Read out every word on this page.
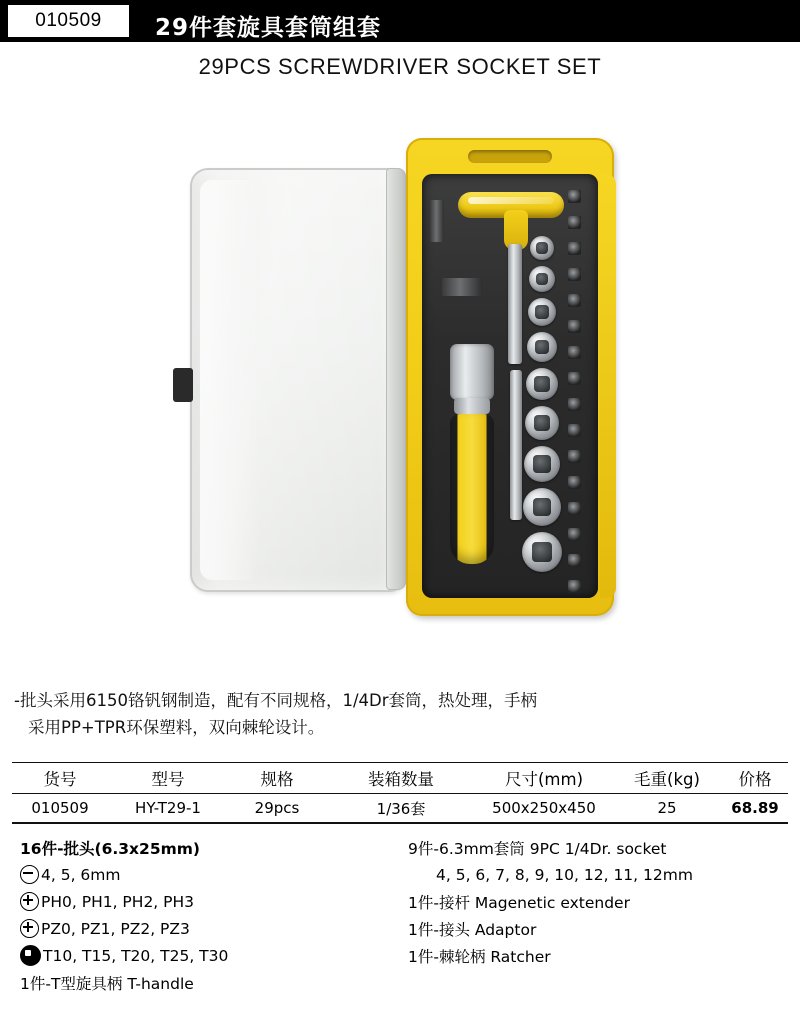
010509 29件套旋具套筒组套
29PCS SCREWDRIVER SOCKET SET
-批头采用6150铬钒钢制造，配有不同规格，1/4Dr套筒，热处理，手柄
采用PP+TPR环保塑料，双向棘轮设计。
货号	型号	规格	装箱数量	尺寸(mm)	毛重(kg)	价格
010509	HY-T29-1	29pcs	1/36套	500x250x450	25	68.89
16件-批头(6.3x25mm)
4, 5, 6mm
PH0, PH1, PH2, PH3
PZ0, PZ1, PZ2, PZ3
T10, T15, T20, T25, T30
1件-T型旋具柄 T-handle
9件-6.3mm套筒 9PC 1/4Dr. socket
4, 5, 6, 7, 8, 9, 10, 12, 11, 12mm
1件-接杆 Magenetic extender
1件-接头 Adaptor
1件-棘轮柄 Ratcher
